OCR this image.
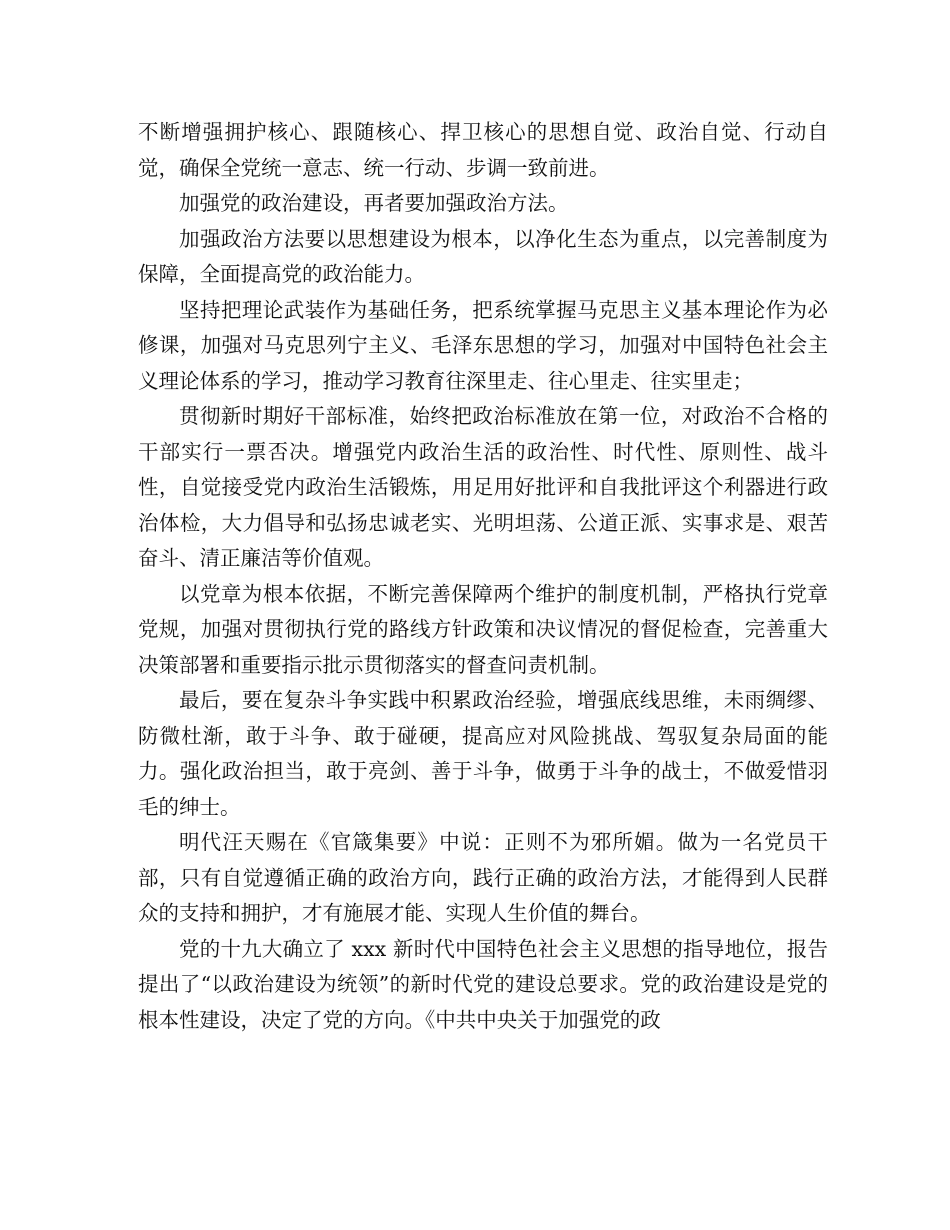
不断增强拥护核心、跟随核心、捍卫核心的思想自觉、政治自觉、行动自觉，确保全党统一意志、统一行动、步调一致前进。

加强党的政治建设，再者要加强政治方法。

加强政治方法要以思想建设为根本，以净化生态为重点，以完善制度为保障，全面提高党的政治能力。

坚持把理论武装作为基础任务，把系统掌握马克思主义基本理论作为必修课，加强对马克思列宁主义、毛泽东思想的学习，加强对中国特色社会主义理论体系的学习，推动学习教育往深里走、往心里走、往实里走；

贯彻新时期好干部标准，始终把政治标准放在第一位，对政治不合格的干部实行一票否决。增强党内政治生活的政治性、时代性、原则性、战斗性，自觉接受党内政治生活锻炼，用足用好批评和自我批评这个利器进行政治体检，大力倡导和弘扬忠诚老实、光明坦荡、公道正派、实事求是、艰苦奋斗、清正廉洁等价值观。

以党章为根本依据，不断完善保障两个维护的制度机制，严格执行党章党规，加强对贯彻执行党的路线方针政策和决议情况的督促检查，完善重大决策部署和重要指示批示贯彻落实的督查问责机制。

最后，要在复杂斗争实践中积累政治经验，增强底线思维，未雨绸缪、防微杜渐，敢于斗争、敢于碰硬，提高应对风险挑战、驾驭复杂局面的能力。强化政治担当，敢于亮剑、善于斗争，做勇于斗争的战士，不做爱惜羽毛的绅士。

明代汪天赐在《官箴集要》中说：正则不为邪所媚。做为一名党员干部，只有自觉遵循正确的政治方向，践行正确的政治方法，才能得到人民群众的支持和拥护，才有施展才能、实现人生价值的舞台。

党的十九大确立了 xxx 新时代中国特色社会主义思想的指导地位，报告提出了“以政治建设为统领”的新时代党的建设总要求。党的政治建设是党的根本性建设，决定了党的方向。《中共中央关于加强党的政
